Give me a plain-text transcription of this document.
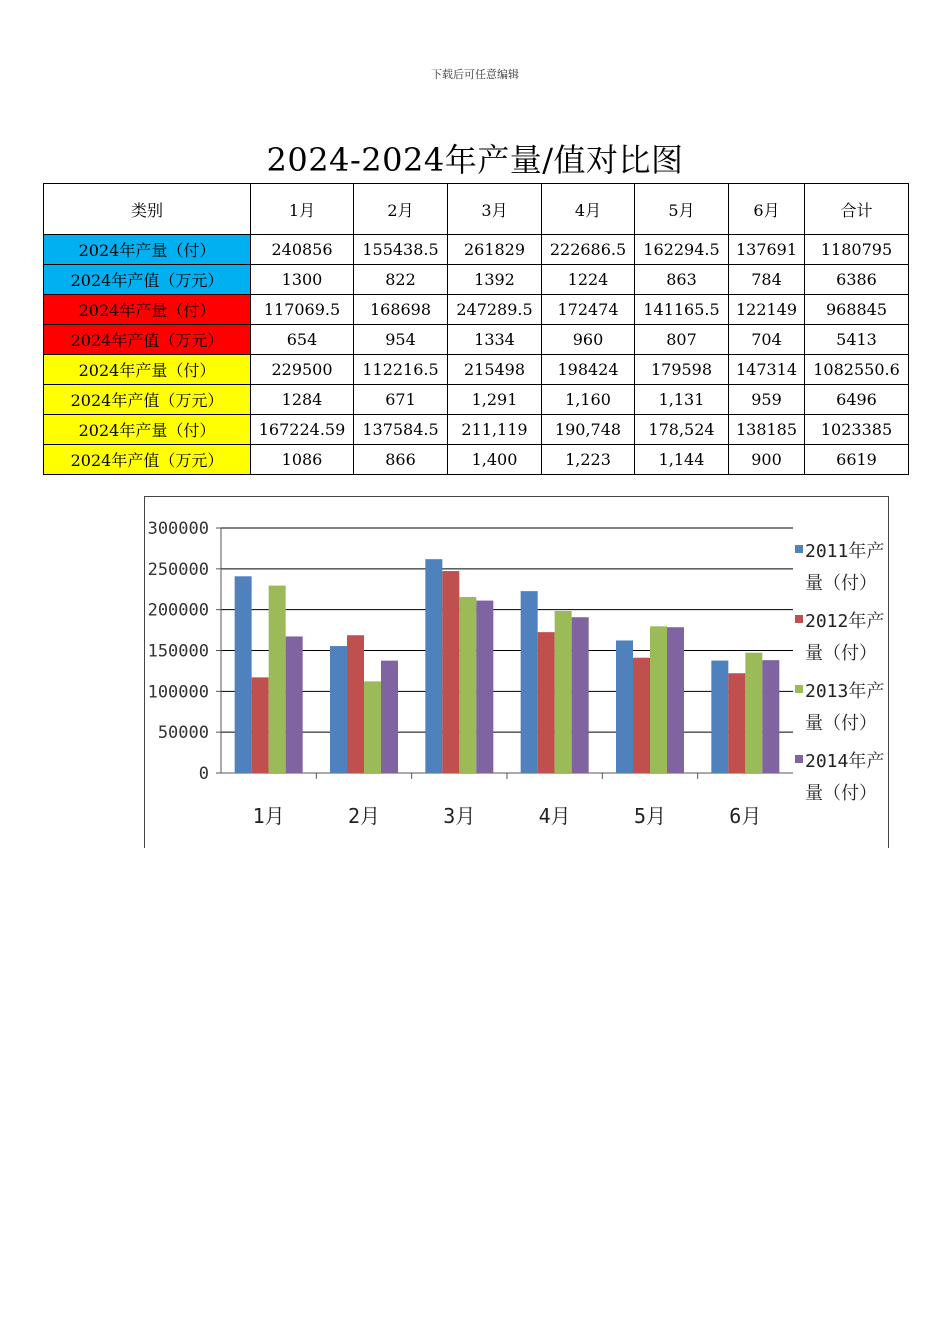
下载后可任意编辑
2024-2024年产量/值对比图
类别	1月	2月	3月	4月	5月	6月	合计
2024年产量（付）	240856	155438.5	261829	222686.5	162294.5	137691	1180795
2024年产值（万元）	1300	822	1392	1224	863	784	6386
2024年产量（付）	117069.5	168698	247289.5	172474	141165.5	122149	968845
2024年产值（万元）	654	954	1334	960	807	704	5413
2024年产量（付）	229500	112216.5	215498	198424	179598	147314	1082550.6
2024年产值（万元）	1284	671	1,291	1,160	1,131	959	6496
2024年产量（付）	167224.59	137584.5	211,119	190,748	178,524	138185	1023385
2024年产值（万元）	1086	866	1,400	1,223	1,144	900	6619
0
50000
100000
150000
200000
250000
300000
1月	2月	3月	4月	5月	6月
2011年产
量（付）
2012年产
量（付）
2013年产
量（付）
2014年产
量（付）
